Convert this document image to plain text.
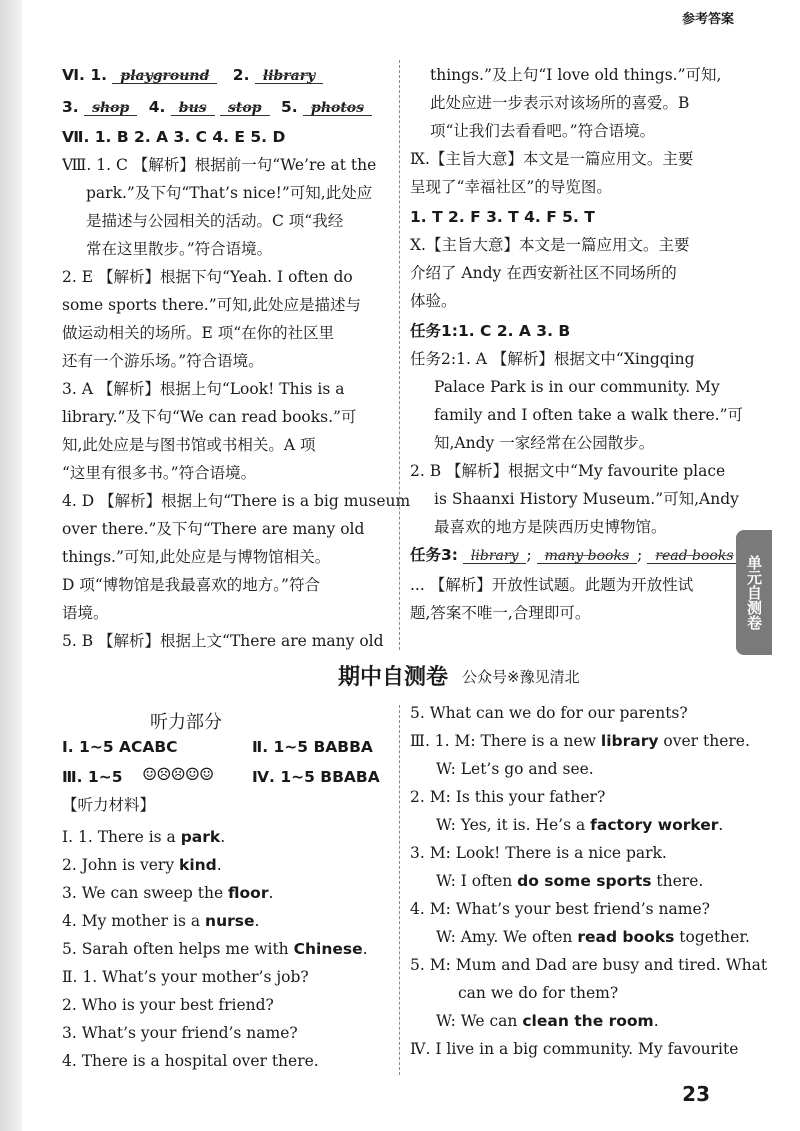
参考答案
Ⅵ. 1. playground 2. library
3. shop 4. bus stop 5. photos
Ⅶ. 1. B 2. A 3. C 4. E 5. D
Ⅷ. 1. C 【解析】根据前一句“We’re at the
park.”及下句“That’s nice!”可知,此处应
是描述与公园相关的活动。C 项“我经
常在这里散步。”符合语境。
2. E 【解析】根据下句“Yeah. I often do
some sports there.”可知,此处应是描述与
做运动相关的场所。E 项“在你的社区里
还有一个游乐场。”符合语境。
3. A 【解析】根据上句“Look! This is a
library.”及下句“We can read books.”可
知,此处应是与图书馆或书相关。A 项
“这里有很多书。”符合语境。
4. D 【解析】根据上句“There is a big museum
over there.”及下句“There are many old
things.”可知,此处应是与博物馆相关。
D 项“博物馆是我最喜欢的地方。”符合
语境。
5. B 【解析】根据上文“There are many old
things.”及上句“I love old things.”可知,
此处应进一步表示对该场所的喜爱。B
项“让我们去看看吧。”符合语境。
Ⅸ.【主旨大意】本文是一篇应用文。主要
呈现了“幸福社区”的导览图。
1. T 2. F 3. T 4. F 5. T
Ⅹ.【主旨大意】本文是一篇应用文。主要
介绍了 Andy 在西安新社区不同场所的
体验。
任务1:1. C 2. A 3. B
任务2:1. A 【解析】根据文中“Xingqing
Palace Park is in our community. My
family and I often take a walk there.”可
知,Andy 一家经常在公园散步。
2. B 【解析】根据文中“My favourite place
is Shaanxi History Museum.”可知,Andy
最喜欢的地方是陕西历史博物馆。
任务3: library ; many books ; read books
... 【解析】开放性试题。此题为开放性试
题,答案不唯一,合理即可。	单元自测卷
期中自测卷 公众号※豫见清北
听力部分
Ⅰ. 1~5 ACABC	Ⅱ. 1~5 BABBA
Ⅲ. 1~5 ☺☹☹☺☺	Ⅳ. 1~5 BBABA
【听力材料】
Ⅰ. 1. There is a park.
2. John is very kind.
3. We can sweep the floor.
4. My mother is a nurse.
5. Sarah often helps me with Chinese.
Ⅱ. 1. What’s your mother’s job?
2. Who is your best friend?
3. What’s your friend’s name?
4. There is a hospital over there.
5. What can we do for our parents?
Ⅲ. 1. M: There is a new library over there.
W: Let’s go and see.
2. M: Is this your father?
W: Yes, it is. He’s a factory worker.
3. M: Look! There is a nice park.
W: I often do some sports there.
4. M: What’s your best friend’s name?
W: Amy. We often read books together.
5. M: Mum and Dad are busy and tired. What
can we do for them?
W: We can clean the room.
Ⅳ. I live in a big community. My favourite
23
